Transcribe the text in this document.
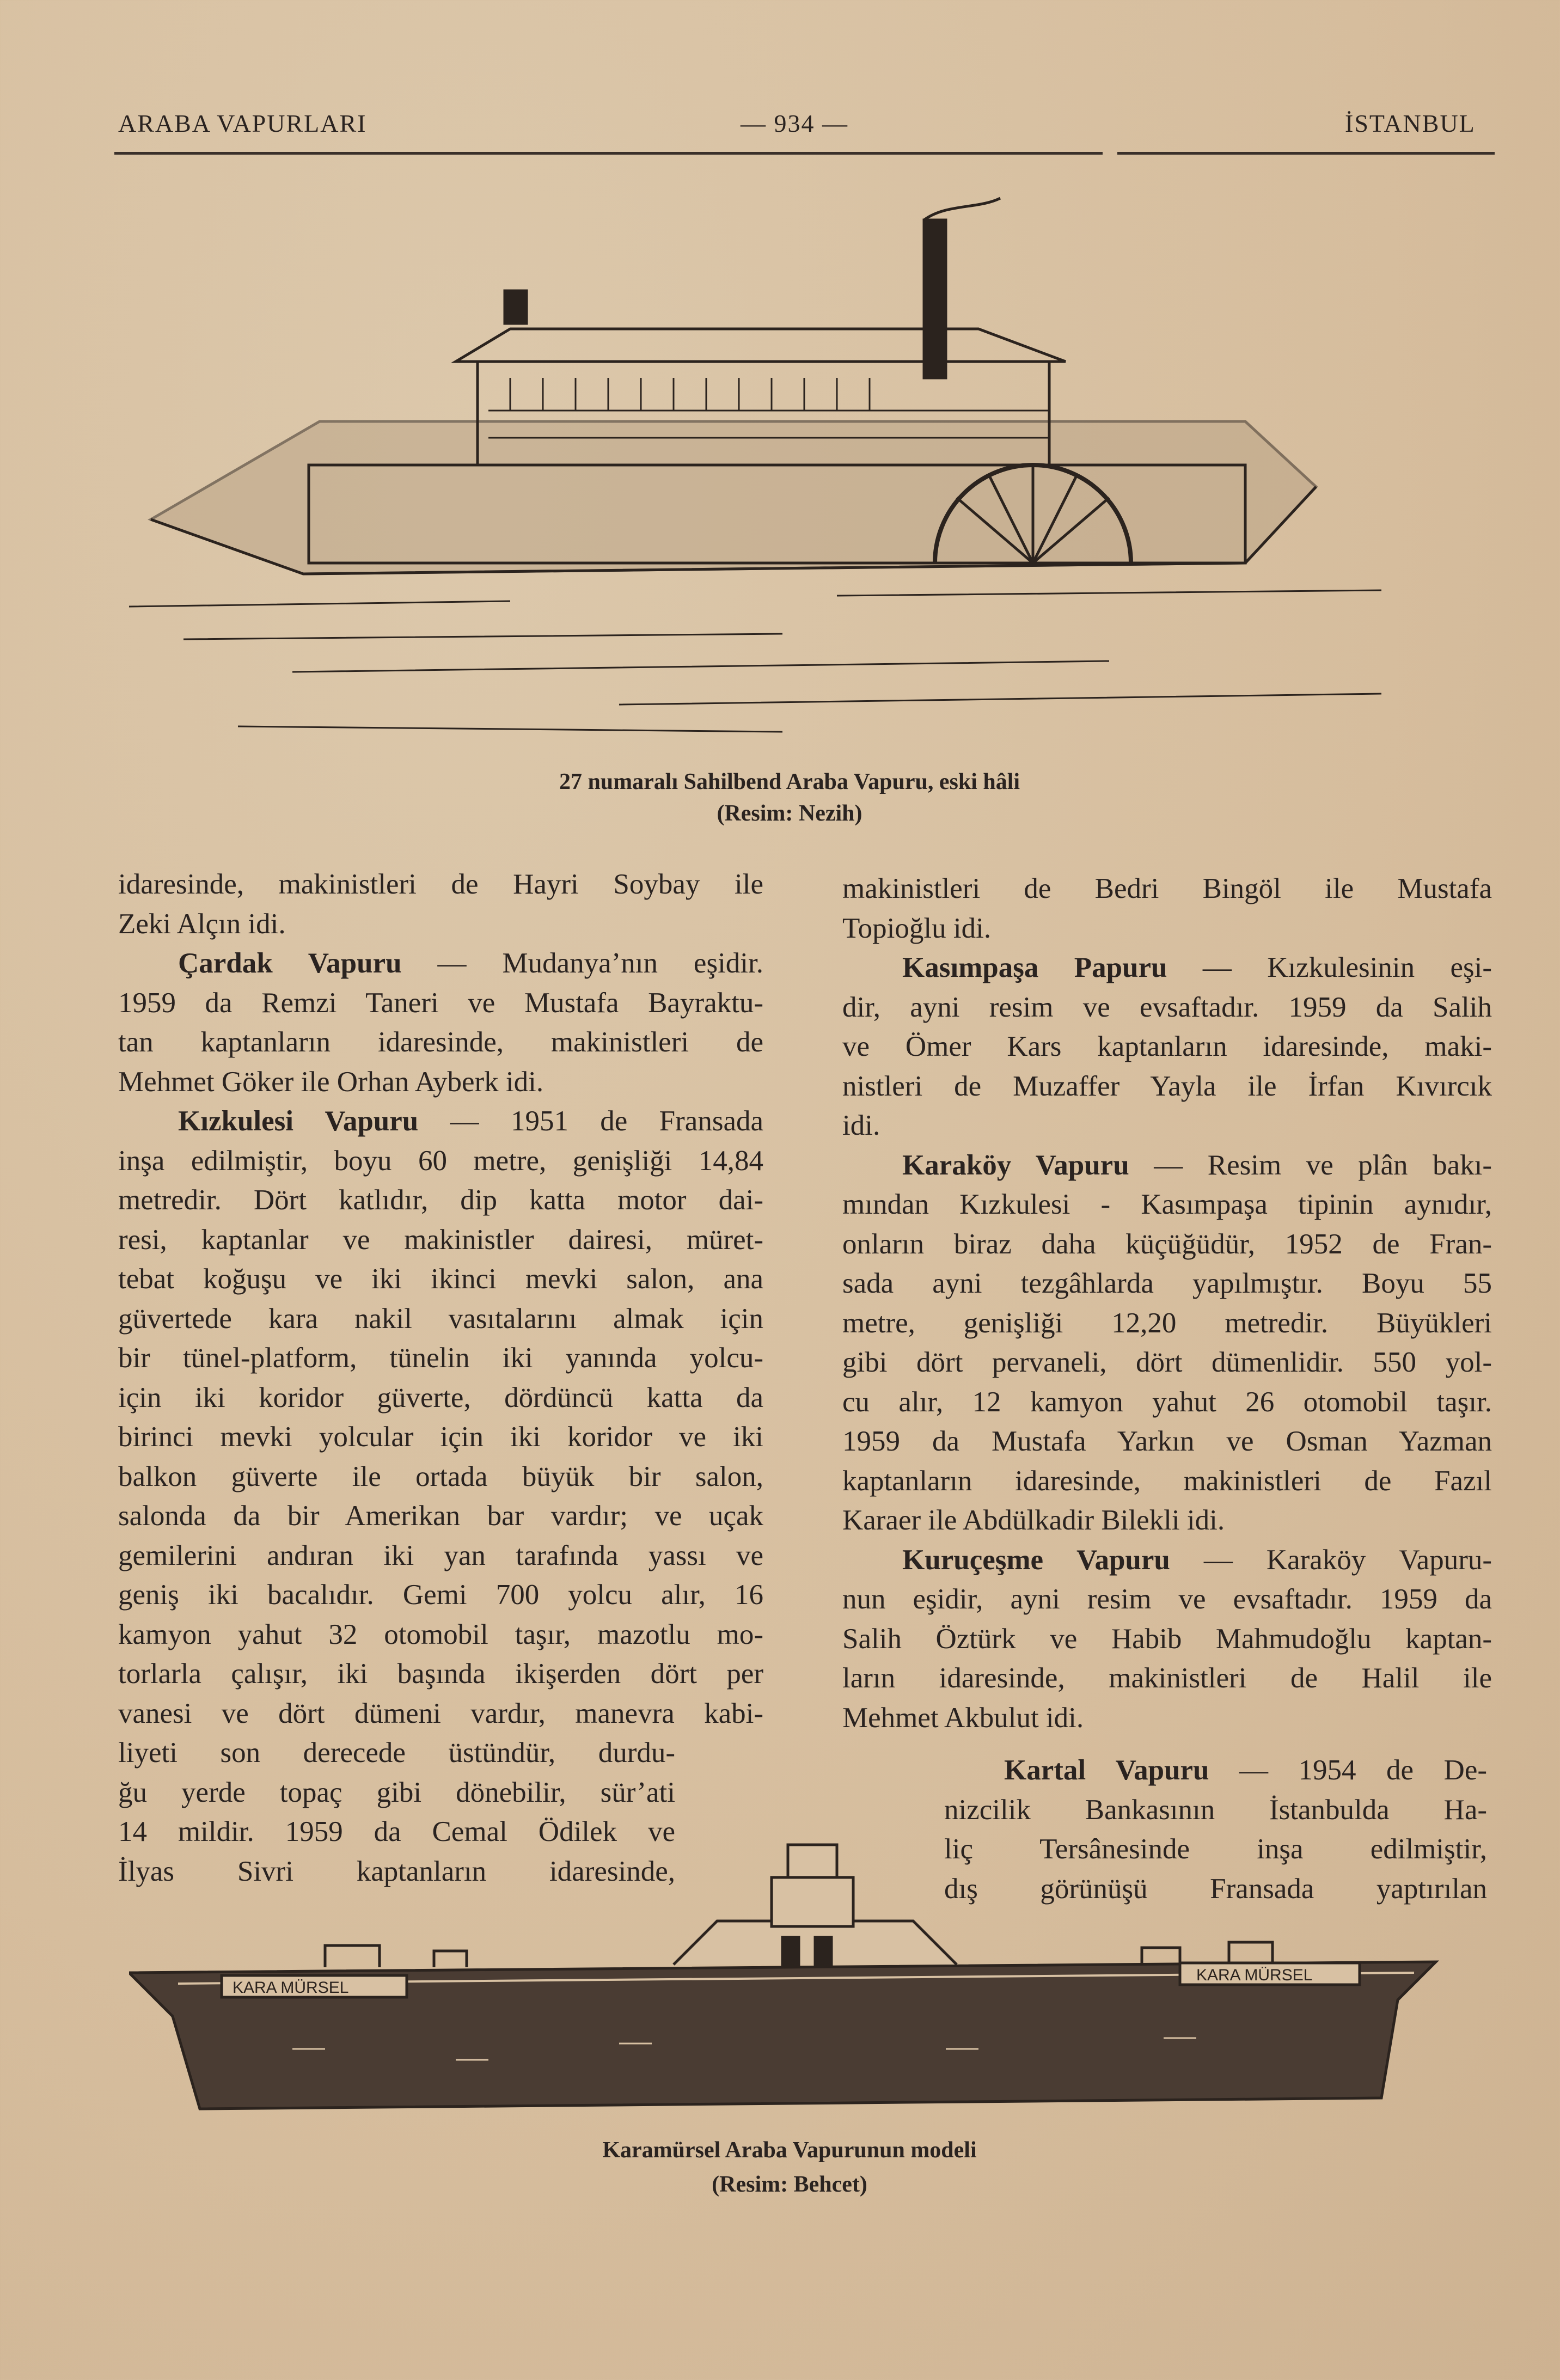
ARABA VAPURLARI	— 934 —	İSTANBUL
27 numaralı Sahilbend Araba Vapuru, eski hâli
(Resim: Nezih)
idaresinde, makinistleri de Hayri Soybay ile
Zeki Alçın idi.
Çardak Vapuru — Mudanya’nın eşidir.
1959 da Remzi Taneri ve Mustafa Bayraktu-
tan kaptanların idaresinde, makinistleri de
Mehmet Göker ile Orhan Ayberk idi.
Kızkulesi Vapuru — 1951 de Fransada
inşa edilmiştir, boyu 60 metre, genişliği 14,84
metredir. Dört katlıdır, dip katta motor dai-
resi, kaptanlar ve makinistler dairesi, müret-
tebat koğuşu ve iki ikinci mevki salon, ana
güvertede kara nakil vasıtalarını almak için
bir tünel-platform, tünelin iki yanında yolcu-
için iki koridor güverte, dördüncü katta da
birinci mevki yolcular için iki koridor ve iki
balkon güverte ile ortada büyük bir salon,
salonda da bir Amerikan bar vardır; ve uçak
gemilerini andıran iki yan tarafında yassı ve
geniş iki bacalıdır. Gemi 700 yolcu alır, 16
kamyon yahut 32 otomobil taşır, mazotlu mo-
torlarla çalışır, iki başında ikişerden dört per
vanesi ve dört dümeni vardır, manevra kabi-
liyeti son derecede üstündür, durdu-
ğu yerde topaç gibi dönebilir, sür’ati
14 mildir. 1959 da Cemal Ödilek ve
İlyas Sivri kaptanların idaresinde,
makinistleri de Bedri Bingöl ile Mustafa
Topioğlu idi.
Kasımpaşa Papuru — Kızkulesinin eşi-
dir, ayni resim ve evsaftadır. 1959 da Salih
ve Ömer Kars kaptanların idaresinde, maki-
nistleri de Muzaffer Yayla ile İrfan Kıvırcık
idi.
Karaköy Vapuru — Resim ve plân bakı-
mından Kızkulesi - Kasımpaşa tipinin aynıdır,
onların biraz daha küçüğüdür, 1952 de Fran-
sada ayni tezgâhlarda yapılmıştır. Boyu 55
metre, genişliği 12,20 metredir. Büyükleri
gibi dört pervaneli, dört dümenlidir. 550 yol-
cu alır, 12 kamyon yahut 26 otomobil taşır.
1959 da Mustafa Yarkın ve Osman Yazman
kaptanların idaresinde, makinistleri de Fazıl
Karaer ile Abdülkadir Bilekli idi.
Kuruçeşme Vapuru — Karaköy Vapuru-
nun eşidir, ayni resim ve evsaftadır. 1959 da
Salih Öztürk ve Habib Mahmudoğlu kaptan-
ların idaresinde, makinistleri de Halil ile
Mehmet Akbulut idi.
Kartal Vapuru — 1954 de De-
nizcilik Bankasının İstanbulda Ha-
liç Tersânesinde inşa edilmiştir,
dış görünüşü Fransada yaptırılan
KARA MÜRSEL
KARA MÜRSEL
Karamürsel Araba Vapurunun modeli
(Resim: Behcet)
